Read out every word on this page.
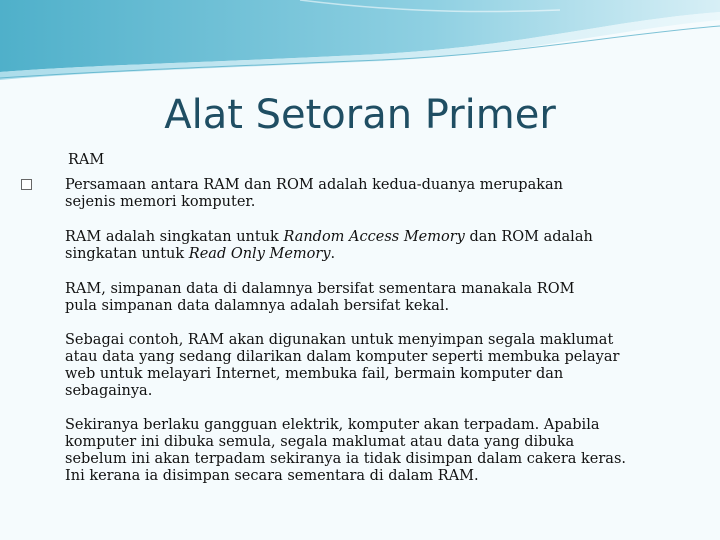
Alat Setoran Primer
RAM
Persamaan antara RAM dan ROM adalah kedua-duanya merupakan
sejenis memori komputer.
RAM adalah singkatan untuk Random Access Memory dan ROM adalah
singkatan untuk Read Only Memory.
RAM, simpanan data di dalamnya bersifat sementara manakala ROM
pula simpanan data dalamnya adalah bersifat kekal.
Sebagai contoh, RAM akan digunakan untuk menyimpan segala maklumat
atau data yang sedang dilarikan dalam komputer seperti membuka pelayar
web untuk melayari Internet, membuka fail, bermain komputer dan
sebagainya.
Sekiranya berlaku gangguan elektrik, komputer akan terpadam. Apabila
komputer ini dibuka semula, segala maklumat atau data yang dibuka
sebelum ini akan terpadam sekiranya ia tidak disimpan dalam cakera keras.
Ini kerana ia disimpan secara sementara di dalam RAM.
